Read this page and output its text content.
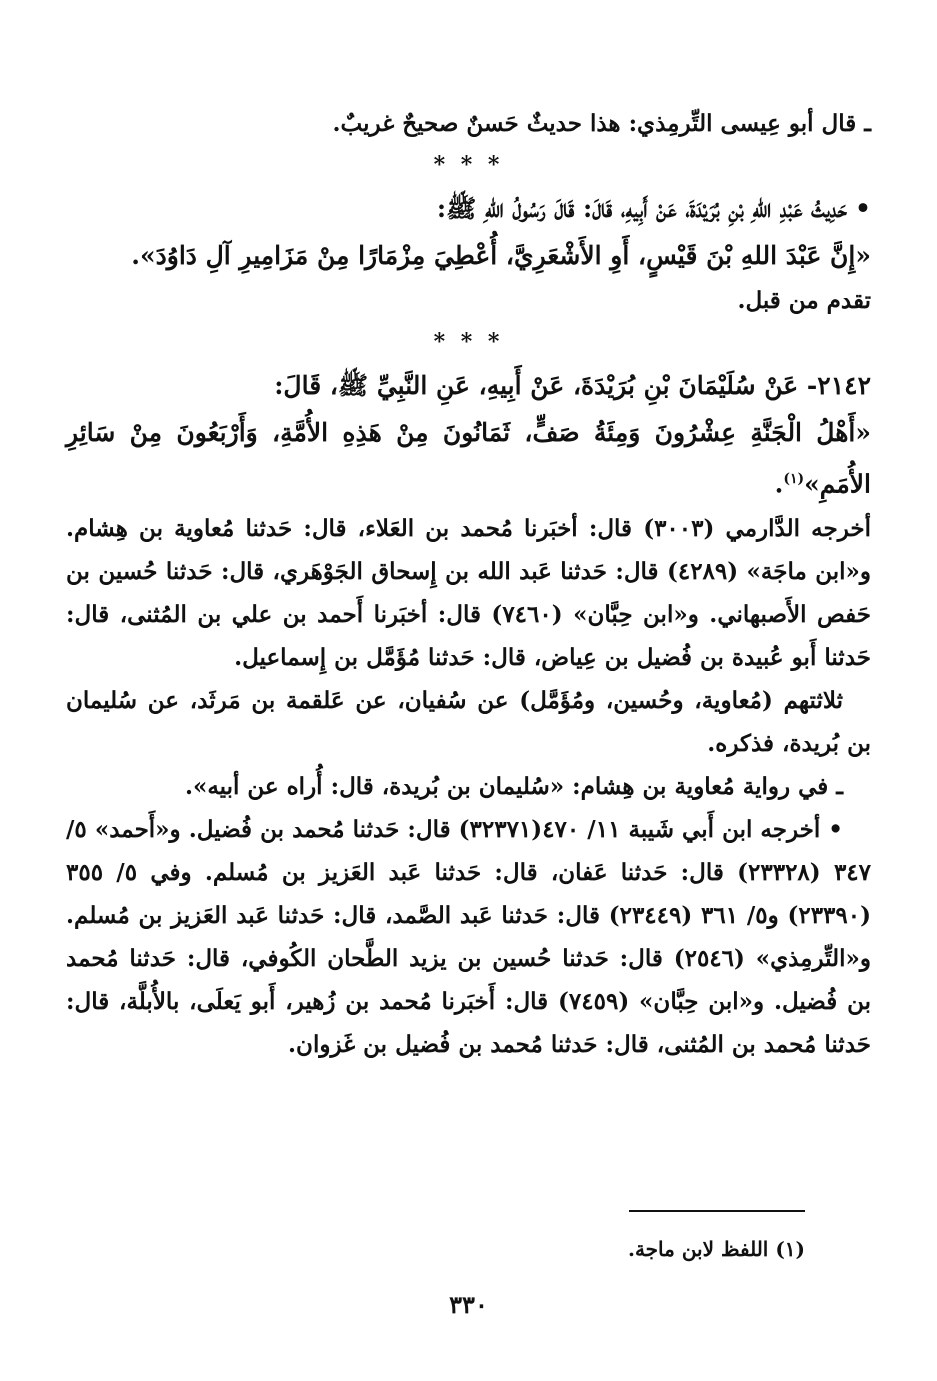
ـ قال أبو عِيسى التِّرمِذي: هذا حديثٌ حَسنٌ صحيحٌ غريبٌ.

* * *

•حَدِيثُ عَبْدِ اللهِ بْنِ بُرَيْدَةَ، عَنْ أَبِيهِ، قَالَ: قَالَ رَسُولُ اللهِ ﷺ:

«إِنَّ عَبْدَ اللهِ بْنَ قَيْسٍ، أَوِ الأَشْعَرِيَّ، أُعْطِيَ مِزْمَارًا مِنْ مَزَامِيرِ آلِ دَاوُدَ».

تقدم من قبل.

* * *

٢١٤٢- عَنْ سُلَيْمَانَ بْنِ بُرَيْدَةَ، عَنْ أَبِيهِ، عَنِ النَّبِيِّ ﷺ، قَالَ:

«أَهْلُ الْجَنَّةِ عِشْرُونَ وَمِئَةُ صَفٍّ، ثَمَانُونَ مِنْ هَذِهِ الأُمَّةِ، وَأَرْبَعُونَ مِنْ سَائِرِ الأُمَمِ»$^{(١)}$.

أخرجه الدَّارمي (٣٠٠٣) قال: أخبَرنا مُحمد بن العَلاء، قال: حَدثنا مُعاوية بن هِشام. و«ابن ماجَة» (٤٢٨٩) قال: حَدثنا عَبد الله بن إِسحاق الجَوْهَري، قال: حَدثنا حُسين بن حَفص الأَصبهاني. و«ابن حِبَّان» (٧٤٦٠) قال: أخبَرنا أَحمد بن علي بن المُثنى، قال: حَدثنا أَبو عُبيدة بن فُضيل بن عِياض، قال: حَدثنا مُؤَمَّل بن إِسماعيل.

ثلاثتهم (مُعاوية، وحُسين، ومُؤَمَّل) عن سُفيان، عن عَلقمة بن مَرثَد، عن سُليمان بن بُريدة، فذكره.

ـ في رواية مُعاوية بن هِشام: «سُليمان بن بُريدة، قال: أُراه عن أبيه».

•أخرجه ابن أَبي شَيبة ١١/ ٤٧٠(٣٢٣٧١) قال: حَدثنا مُحمد بن فُضيل. و«أَحمد» ٥/ ٣٤٧ (٢٣٣٢٨) قال: حَدثنا عَفان، قال: حَدثنا عَبد العَزيز بن مُسلم. وفي ٥/ ٣٥٥ (٢٣٣٩٠) و٥/ ٣٦١ (٢٣٤٤٩) قال: حَدثنا عَبد الصَّمد، قال: حَدثنا عَبد العَزيز بن مُسلم. و«التِّرمِذي» (٢٥٤٦) قال: حَدثنا حُسين بن يزيد الطَّحان الكُوفي، قال: حَدثنا مُحمد بن فُضيل. و«ابن حِبَّان» (٧٤٥٩) قال: أَخبَرنا مُحمد بن زُهير، أَبو يَعلَى، بالأُبلَّة، قال: حَدثنا مُحمد بن المُثنى، قال: حَدثنا مُحمد بن فُضيل بن غَزوان.

(١) اللفظ لابن ماجة.
٣٣٠
